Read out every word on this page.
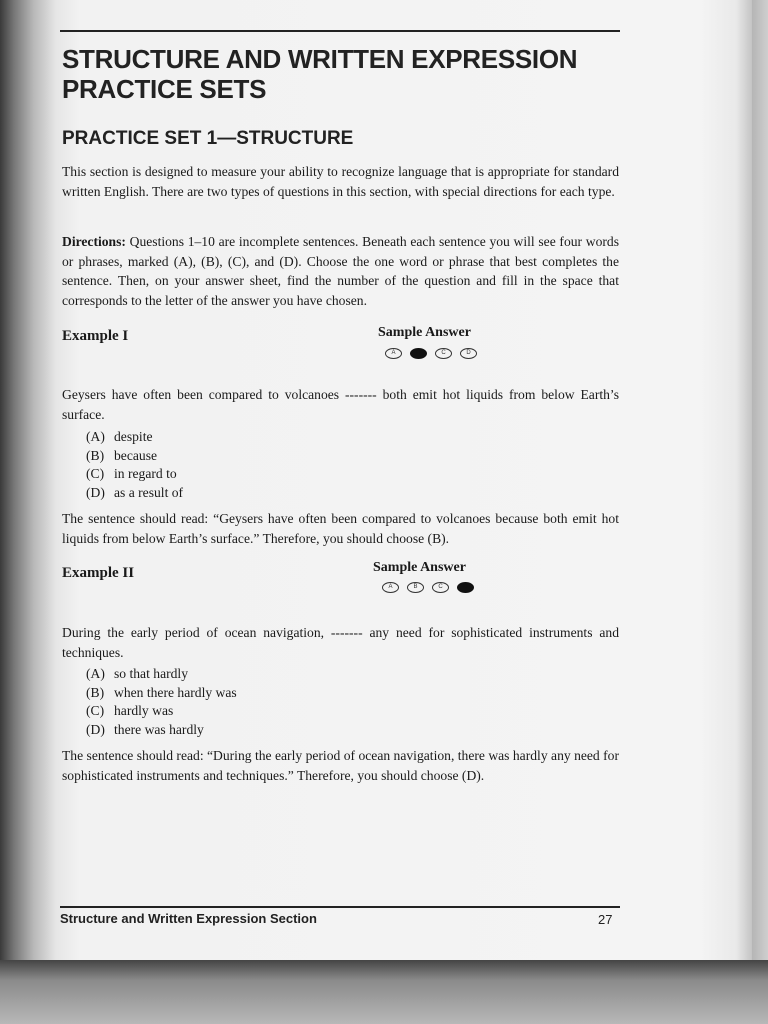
STRUCTURE AND WRITTEN EXPRESSION
PRACTICE SETS
PRACTICE SET 1—STRUCTURE

This section is designed to measure your ability to recognize language that is appropriate for standard written English. There are two types of questions in this section, with special directions for each type.

Directions: Questions 1–10 are incomplete sentences. Beneath each sentence you will see four words or phrases, marked (A), (B), (C), and (D). Choose the one word or phrase that best completes the sentence. Then, on your answer sheet, find the number of the question and fill in the space that corresponds to the letter of the answer you have chosen.

Example I	Sample Answer
A	B	C	D

Geysers have often been compared to volcanoes ------- both emit hot liquids from below Earth’s surface.

(A) despite
(B) because
(C) in regard to
(D) as a result of

The sentence should read: “Geysers have often been compared to volcanoes because both emit hot liquids from below Earth’s surface.” Therefore, you should choose (B).

Example II	Sample Answer
A	B	C	D

During the early period of ocean navigation, ------- any need for sophisticated instruments and techniques.

(A) so that hardly
(B) when there hardly was
(C) hardly was
(D) there was hardly

The sentence should read: “During the early period of ocean navigation, there was hardly any need for sophisticated instruments and techniques.” Therefore, you should choose (D).

Structure and Written Expression Section	27
